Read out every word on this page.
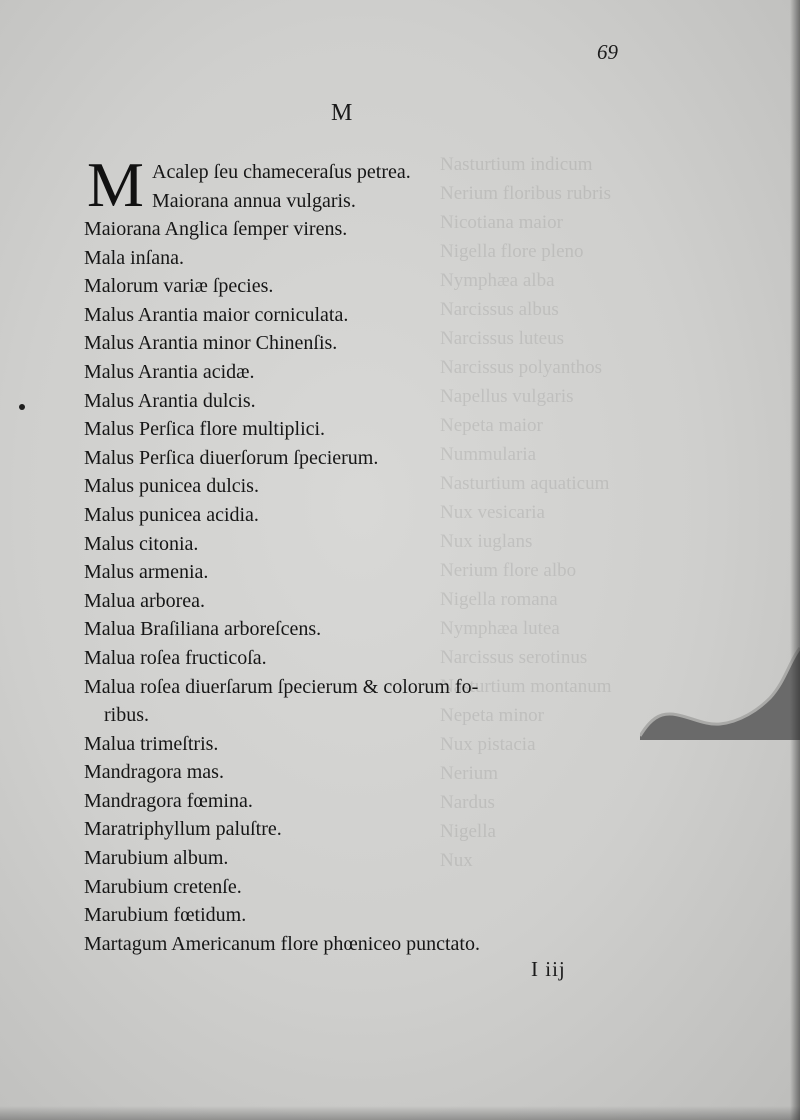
Nasturtium indicum
Nerium floribus rubris
Nicotiana maior
Nigella flore pleno
Nymphæa alba
Narcissus albus
Narcissus luteus
Narcissus polyanthos
Napellus vulgaris
Nepeta maior
Nummularia
Nasturtium aquaticum
Nux vesicaria
Nux iuglans
Nerium flore albo
Nigella romana
Nymphæa lutea
Narcissus serotinus
Nasturtium montanum
Nepeta minor
Nux pistacia
Nerium
Nardus
Nigella
Nux
69
M
M Acalep ſeu chameceraſus petrea.
Maiorana annua vulgaris.
Maiorana Anglica ſemper virens.
Mala inſana.
Malorum variæ ſpecies.
Malus Arantia maior corniculata.
Malus Arantia minor Chinenſis.
Malus Arantia acidæ.
Malus Arantia dulcis.
Malus Perſica flore multiplici.
Malus Perſica diuerſorum ſpecierum.
Malus punicea dulcis.
Malus punicea acidia.
Malus citonia.
Malus armenia.
Malua arborea.
Malua Braſiliana arboreſcens.
Malua roſea fructicoſa.
Malua roſea diuerſarum ſpecierum & colorum fo-
ribus.
Malua trimeſtris.
Mandragora mas.
Mandragora fœmina.
Maratriphyllum paluſtre.
Marubium album.
Marubium cretenſe.
Marubium fœtidum.
Martagum Americanum flore phœniceo punctato.
I iij
